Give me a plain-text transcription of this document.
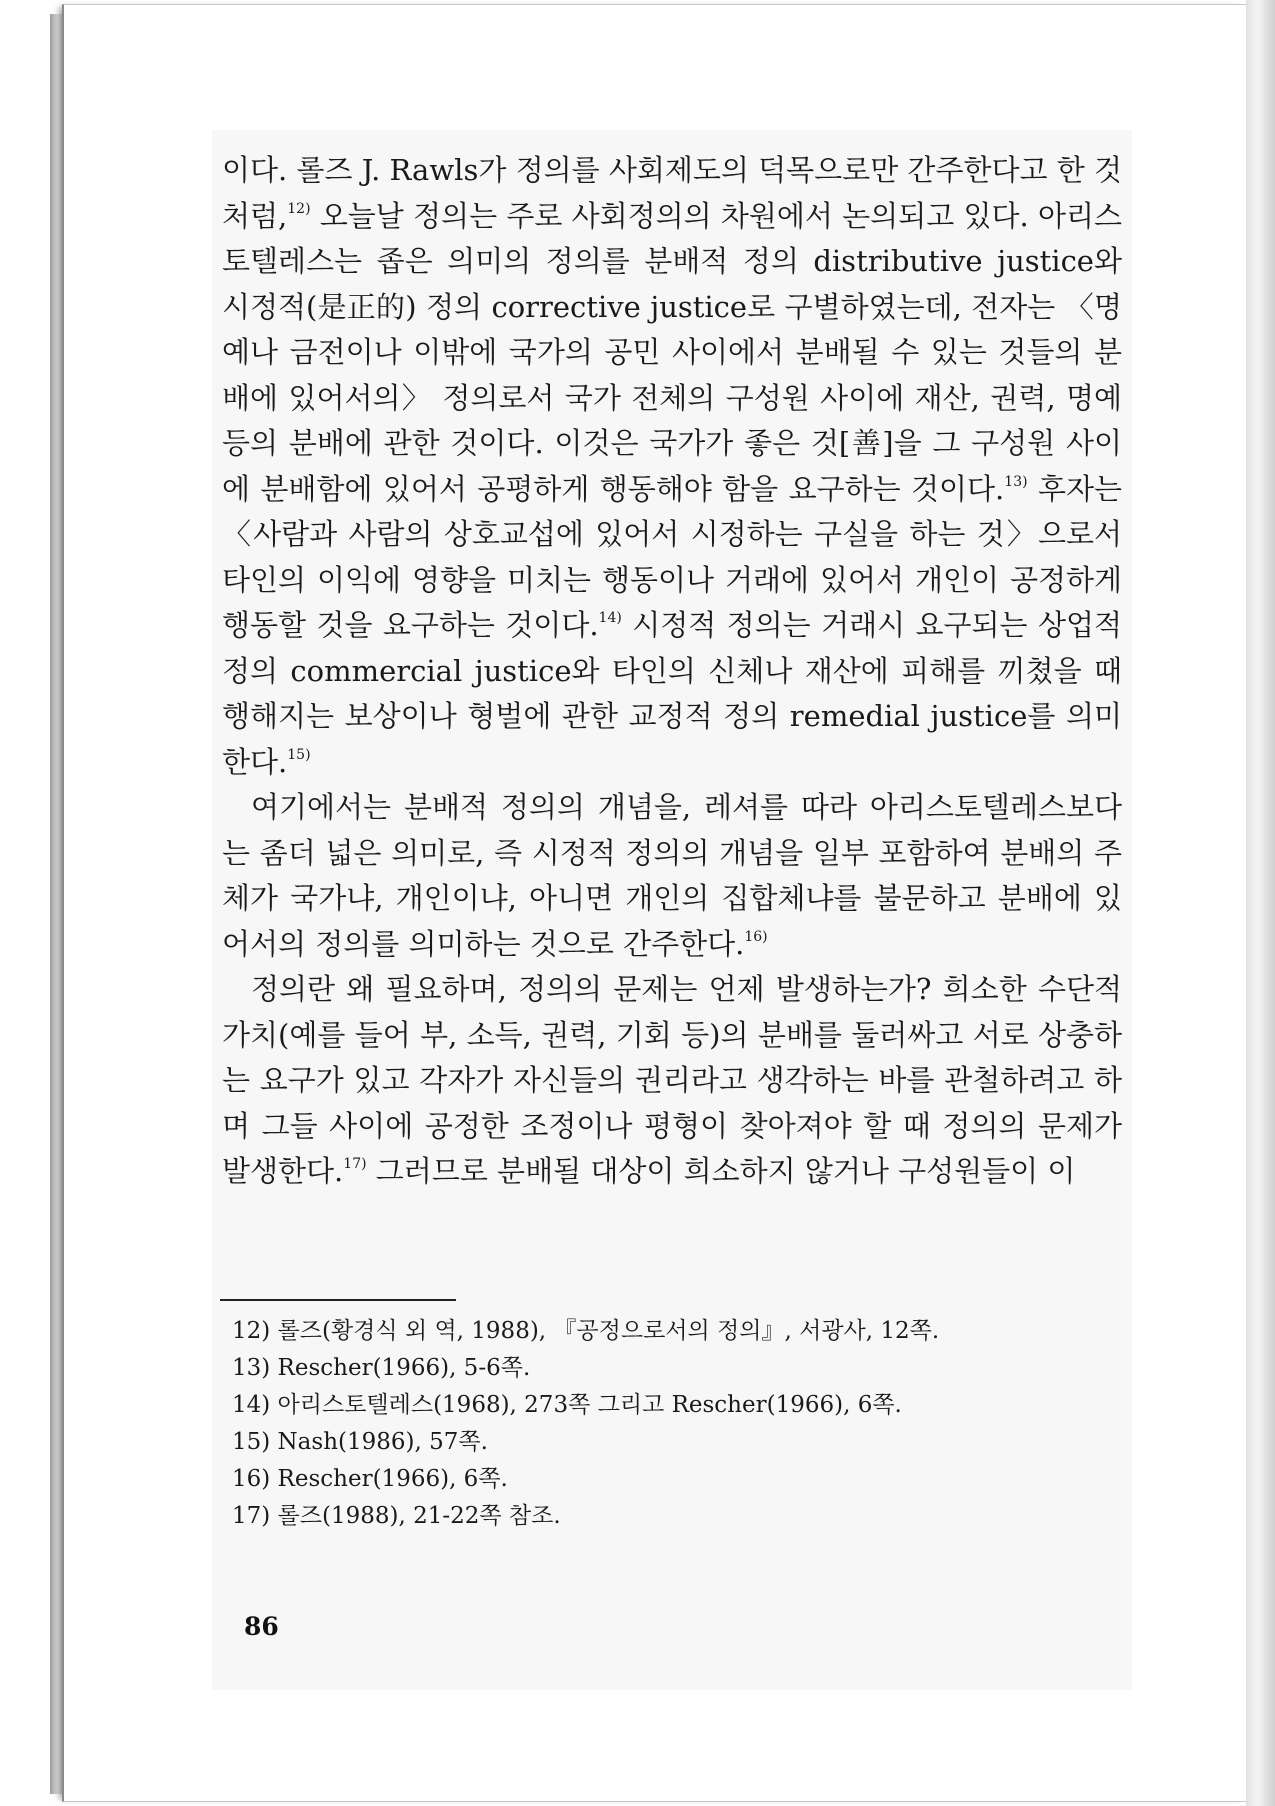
이다. 롤즈 J. Rawls가 정의를 사회제도의 덕목으로만 간주한다고 한 것 처럼,$^{12)}$ 오늘날 정의는 주로 사회정의의 차원에서 논의되고 있다. 아리스토텔레스는 좁은 의미의 정의를 분배적 정의 distributive justice와 시정적(是正的) 정의 corrective justice로 구별하였는데, 전자는 〈명예나 금전이나 이밖에 국가의 공민 사이에서 분배될 수 있는 것들의 분배에 있어서의〉 정의로서 국가 전체의 구성원 사이에 재산, 권력, 명예 등의 분배에 관한 것이다. 이것은 국가가 좋은 것[善]을 그 구성원 사이에 분배함에 있어서 공평하게 행동해야 함을 요구하는 것이다.$^{13)}$ 후자는 〈사람과 사람의 상호교섭에 있어서 시정하는 구실을 하는 것〉으로서 타인의 이익에 영향을 미치는 행동이나 거래에 있어서 개인이 공정하게 행동할 것을 요구하는 것이다.$^{14)}$ 시정적 정의는 거래시 요구되는 상업적 정의 commercial justice와 타인의 신체나 재산에 피해를 끼쳤을 때 행해지는 보상이나 형벌에 관한 교정적 정의 remedial justice를 의미한다.$^{15)}$

여기에서는 분배적 정의의 개념을, 레셔를 따라 아리스토텔레스보다는 좀더 넓은 의미로, 즉 시정적 정의의 개념을 일부 포함하여 분배의 주체가 국가냐, 개인이냐, 아니면 개인의 집합체냐를 불문하고 분배에 있어서의 정의를 의미하는 것으로 간주한다.$^{16)}$

정의란 왜 필요하며, 정의의 문제는 언제 발생하는가? 희소한 수단적 가치(예를 들어 부, 소득, 권력, 기회 등)의 분배를 둘러싸고 서로 상충하는 요구가 있고 각자가 자신들의 권리라고 생각하는 바를 관철하려고 하며 그들 사이에 공정한 조정이나 평형이 찾아져야 할 때 정의의 문제가 발생한다.$^{17)}$ 그러므로 분배될 대상이 희소하지 않거나 구성원들이 이

12) 롤즈(황경식 외 역, 1988), 『공정으로서의 정의』, 서광사, 12쪽.
13) Rescher(1966), 5-6쪽.
14) 아리스토텔레스(1968), 273쪽 그리고 Rescher(1966), 6쪽.
15) Nash(1986), 57쪽.
16) Rescher(1966), 6쪽.
17) 롤즈(1988), 21-22쪽 참조.
86
